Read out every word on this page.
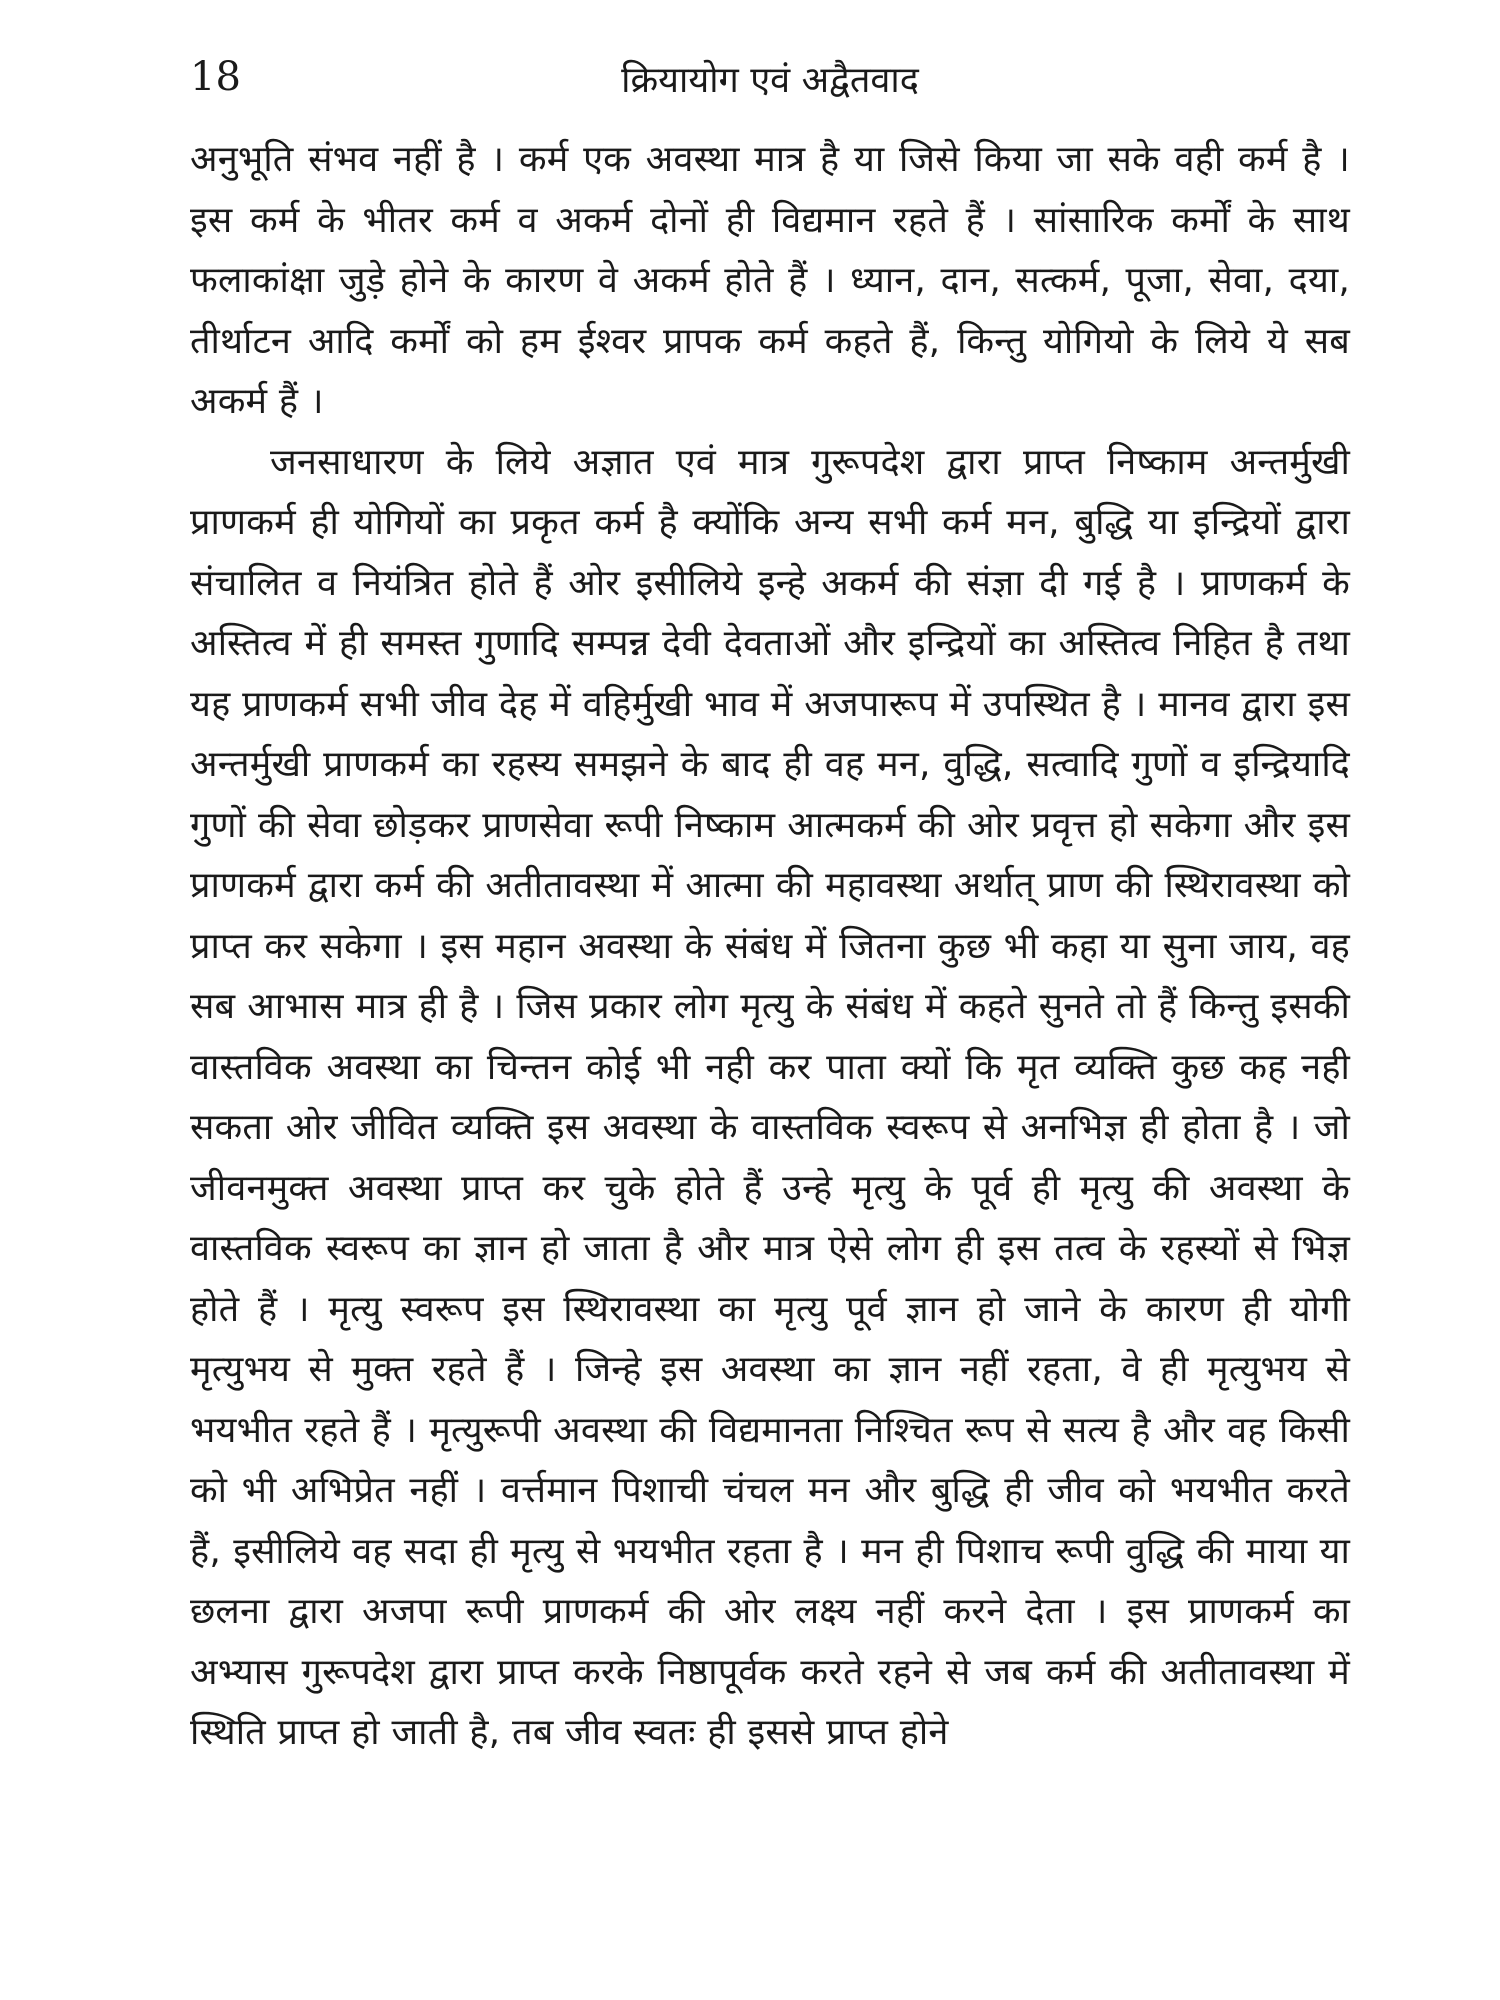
18	क्रियायोग एवं अद्वैतवाद

अनुभूति संभव नहीं है । कर्म एक अवस्था मात्र है या जिसे किया जा सके वही कर्म है । इस कर्म के भीतर कर्म व अकर्म दोनों ही विद्यमान रहते हैं । सांसारिक कर्मों के साथ फलाकांक्षा जुड़े होने के कारण वे अकर्म होते हैं । ध्यान, दान, सत्कर्म, पूजा, सेवा, दया, तीर्थाटन आदि कर्मों को हम ईश्वर प्रापक कर्म कहते हैं, किन्तु योगियो के लिये ये सब अकर्म हैं ।

जनसाधारण के लिये अज्ञात एवं मात्र गुरूपदेश द्वारा प्राप्त निष्काम अन्तर्मुखी प्राणकर्म ही योगियों का प्रकृत कर्म है क्योंकि अन्य सभी कर्म मन, बुद्धि या इन्द्रियों द्वारा संचालित व नियंत्रित होते हैं ओर इसीलिये इन्हे अकर्म की संज्ञा दी गई है । प्राणकर्म के अस्तित्व में ही समस्त गुणादि सम्पन्न देवी देवताओं और इन्द्रियों का अस्तित्व निहित है तथा यह प्राणकर्म सभी जीव देह में वहिर्मुखी भाव में अजपारूप में उपस्थित है । मानव द्वारा इस अन्तर्मुखी प्राणकर्म का रहस्य समझने के बाद ही वह मन, वुद्धि, सत्वादि गुणों व इन्द्रियादि गुणों की सेवा छोड़कर प्राणसेवा रूपी निष्काम आत्मकर्म की ओर प्रवृत्त हो सकेगा और इस प्राणकर्म द्वारा कर्म की अतीतावस्था में आत्मा की महावस्था अर्थात् प्राण की स्थिरावस्था को प्राप्त कर सकेगा । इस महान अवस्था के संबंध में जितना कुछ भी कहा या सुना जाय, वह सब आभास मात्र ही है । जिस प्रकार लोग मृत्यु के संबंध में कहते सुनते तो हैं किन्तु इसकी वास्तविक अवस्था का चिन्तन कोई भी नही कर पाता क्यों कि मृत व्यक्ति कुछ कह नही सकता ओर जीवित व्यक्ति इस अवस्था के वास्तविक स्वरूप से अनभिज्ञ ही होता है । जो जीवनमुक्त अवस्था प्राप्त कर चुके होते हैं उन्हे मृत्यु के पूर्व ही मृत्यु की अवस्था के वास्तविक स्वरूप का ज्ञान हो जाता है और मात्र ऐसे लोग ही इस तत्व के रहस्यों से भिज्ञ होते हैं । मृत्यु स्वरूप इस स्थिरावस्था का मृत्यु पूर्व ज्ञान हो जाने के कारण ही योगी मृत्युभय से मुक्त रहते हैं । जिन्हे इस अवस्था का ज्ञान नहीं रहता, वे ही मृत्युभय से भयभीत रहते हैं । मृत्युरूपी अवस्था की विद्यमानता निश्चित रूप से सत्य है और वह किसी को भी अभिप्रेत नहीं । वर्त्तमान पिशाची चंचल मन और बुद्धि ही जीव को भयभीत करते हैं, इसीलिये वह सदा ही मृत्यु से भयभीत रहता है । मन ही पिशाच रूपी वुद्धि की माया या छलना द्वारा अजपा रूपी प्राणकर्म की ओर लक्ष्य नहीं करने देता । इस प्राणकर्म का अभ्यास गुरूपदेश द्वारा प्राप्त करके निष्ठापूर्वक करते रहने से जब कर्म की अतीतावस्था में स्थिति प्राप्त हो जाती है, तब जीव स्वतः ही इससे प्राप्त होने
